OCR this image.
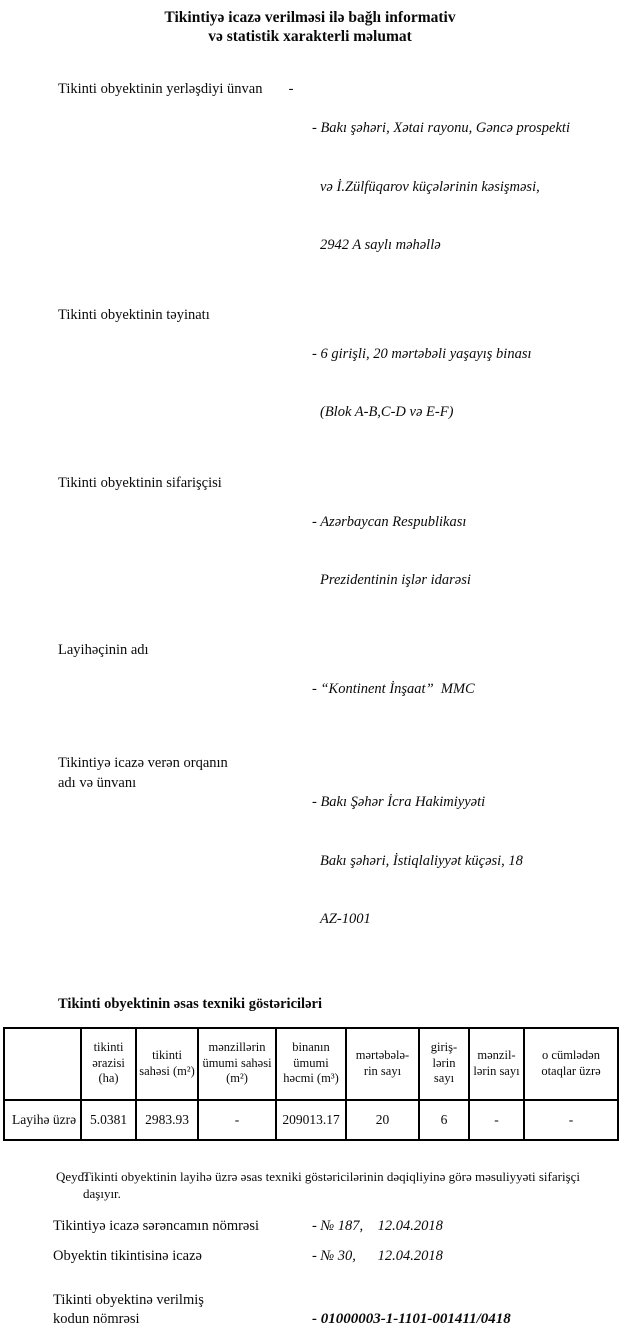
Tikintiyə icazə verilməsi ilə bağlı informativ
və statistik xarakterli məlumat
Tikinti obyektinin yerləşdiyi ünvan	-

- Bakı şəhəri, Xətai rayonu, Gəncə prospekti

və İ.Zülfüqarov küçələrinin kəsişməsi,

2942 A saylı məhəllə

Tikinti obyektinin təyinatı

- 6 girişli, 20 mərtəbəli yaşayış binası

(Blok A-B,C-D və E-F)

Tikinti obyektinin sifarişçisi

- Azərbaycan Respublikası

Prezidentinin işlər idarəsi

Layihəçinin adı

- “Kontinent İnşaat”  MMC

Tikintiyə icazə verən orqanın
adı və ünvanı

- Bakı Şəhər İcra Hakimiyyəti

Bakı şəhəri, İstiqlaliyyət küçəsi, 18

AZ-1001

Tikinti obyektinin əsas texniki göstəriciləri
	tikinti ərazisi (ha)	tikinti sahəsi (m²)	mənzillərin ümumi sahəsi (m²)	binanın ümumi həcmi (m³)	mərtəbələ- rin sayı	giriş- lərin sayı	mənzil- lərin sayı	o cümlədən otaqlar üzrə
Layihə üzrə	5.0381	2983.93	-	209013.17	20	6	-	-
Qeyd:
Tikinti obyektinin layihə üzrə əsas texniki göstəricilərinin dəqiqliyinə görə məsuliyyəti sifarişçi
daşıyır.
Tikintiyə icazə sərəncamın nömrəsi	- № 187,    12.04.2018
Obyektin tikintisinə icazə	- № 30,      12.04.2018
Tikinti obyektinə verilmiş
kodun nömrəsi	- 01000003-1-1101-001411/0418
